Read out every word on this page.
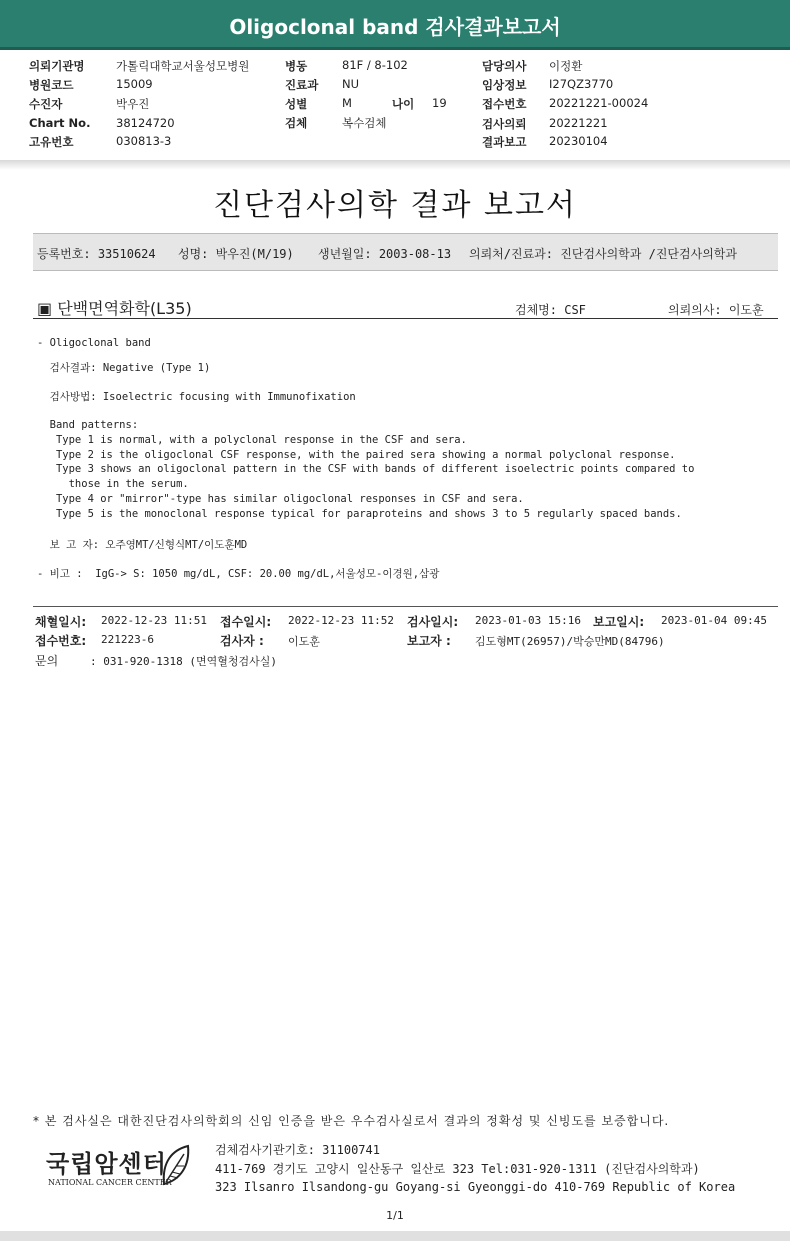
Oligoclonal band 검사결과보고서
의뢰기관명	가톨릭대학교서울성모병원
병원코드	15009
수진자	박우진
Chart No. 38124720
고유번호	030813-3
병동	81F / 8-102
진료과 NU
성별	M	나이 19
검체	복수검체
담당의사 이정환
임상정보 I27QZ3770
접수번호 20221221-00024
검사의뢰 20221221
결과보고 20230104
진단검사의학 결과 보고서
등록번호: 33510624 성명: 박우진(M/19) 생년월일: 2003-08-13 의뢰처/진료과: 진단검사의학과 /진단검사의학과
▣ 단백면역화학(L35)	검체명: CSF	의뢰의사: 이도훈
- Oligoclonal band
검사결과: Negative (Type 1)
검사방법: Isoelectric focusing with Immunofixation
Band patterns:
Type 1 is normal, with a polyclonal response in the CSF and sera.
Type 2 is the oligoclonal CSF response, with the paired sera showing a normal polyclonal response.
Type 3 shows an oligoclonal pattern in the CSF with bands of different isoelectric points compared to
those in the serum.
Type 4 or "mirror"-type has similar oligoclonal responses in CSF and sera.
Type 5 is the monoclonal response typical for paraproteins and shows 3 to 5 regularly spaced bands.
보 고 자: 오주영MT/신형식MT/이도훈MD
- 비고 :  IgG-> S: 1050 mg/dL, CSF: 20.00 mg/dL,서울성모-이경원,삼광
채혈일시: 2022-12-23 11:51 접수일시: 2022-12-23 11:52 검사일시: 2023-01-03 15:16 보고일시: 2023-01-04 09:45
접수번호: 221223-6	검사자 : 이도훈	보고자 : 김도형MT(26957)/박승만MD(84796)
문의	: 031-920-1318 (면역혈청검사실)
* 본 검사실은 대한진단검사의학회의 신임 인증을 받은 우수검사실로서 결과의 정확성 및 신빙도를 보증합니다.
국립암센터
NATIONAL CANCER CENTER
검체검사기관기호: 31100741
411-769 경기도 고양시 일산동구 일산로 323 Tel:031-920-1311 (진단검사의학과)
323 Ilsanro Ilsandong-gu Goyang-si Gyeonggi-do 410-769 Republic of Korea
1/1
